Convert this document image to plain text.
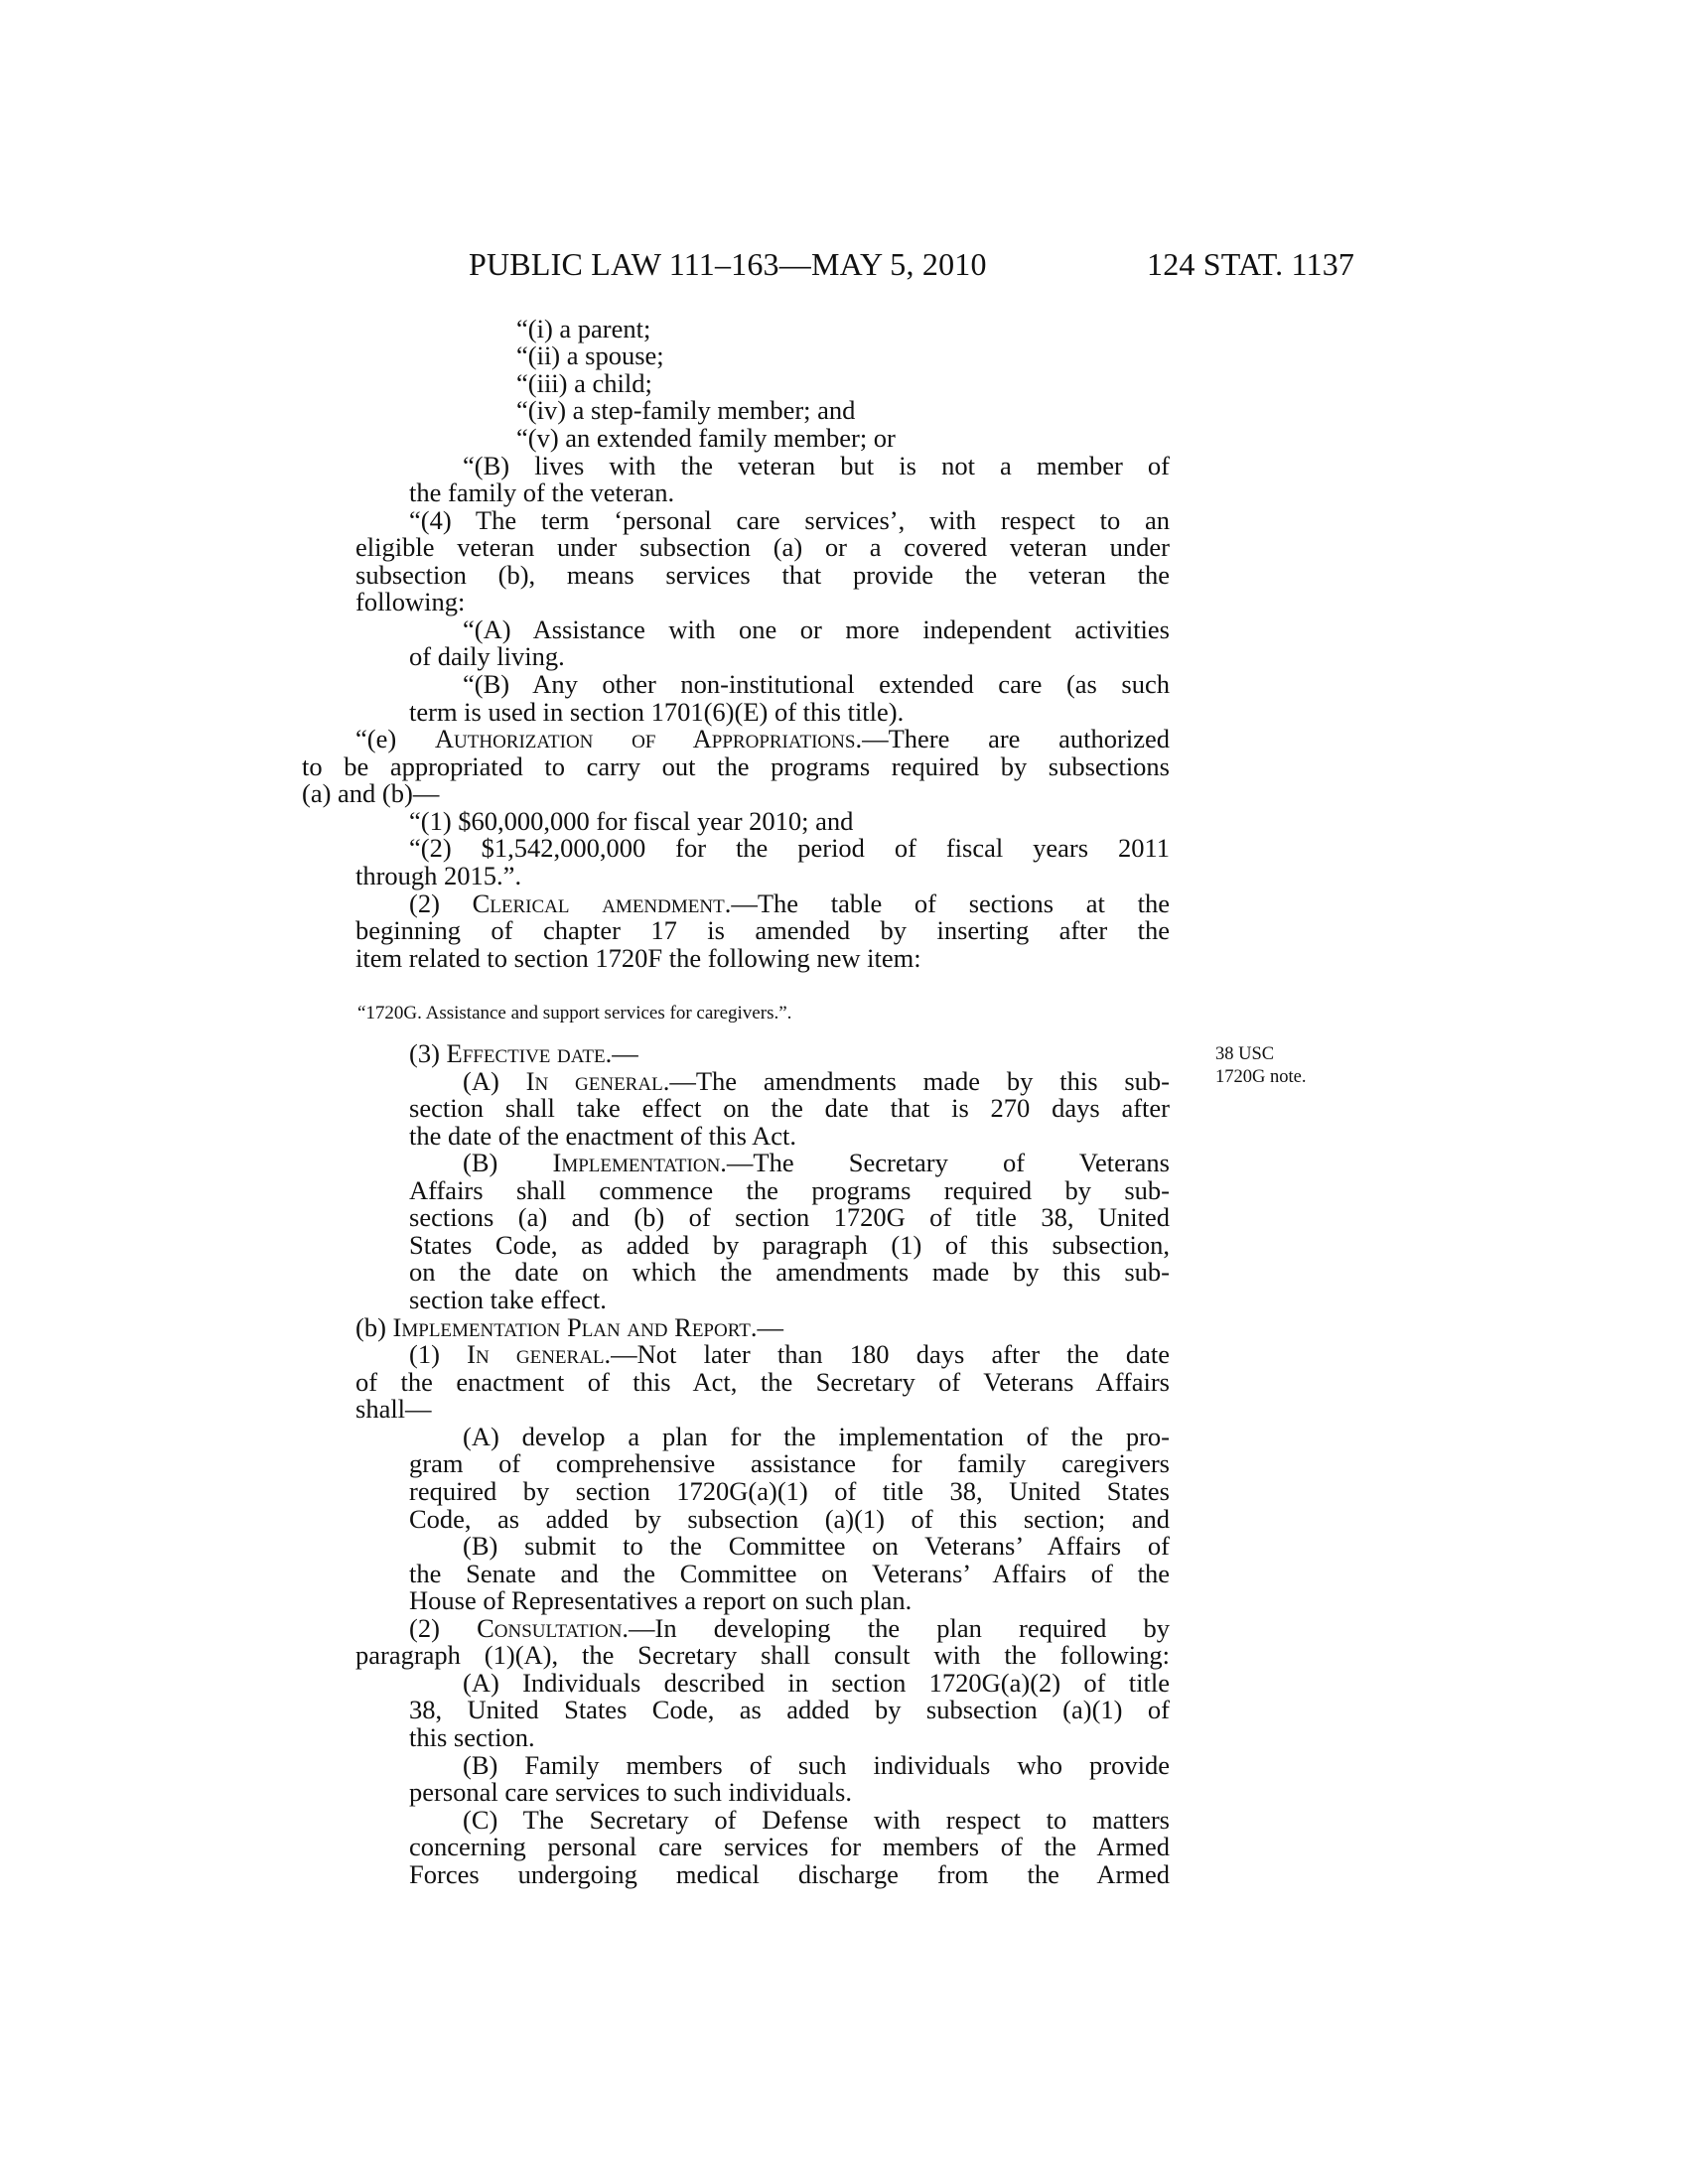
PUBLIC LAW 111–163—MAY 5, 2010	124 STAT. 1137
“(i) a parent;
“(ii) a spouse;
“(iii) a child;
“(iv) a step-family member; and
“(v) an extended family member; or
“(B) lives with the veteran but is not a member of
the family of the veteran.
“(4) The term ‘personal care services’, with respect to an
eligible veteran under subsection (a) or a covered veteran under
subsection (b), means services that provide the veteran the
following:
“(A) Assistance with one or more independent activities
of daily living.
“(B) Any other non-institutional extended care (as such
term is used in section 1701(6)(E) of this title).
“(e) Authorization of Appropriations.—There are authorized
to be appropriated to carry out the programs required by subsections
(a) and (b)—
“(1) $60,000,000 for fiscal year 2010; and
“(2) $1,542,000,000 for the period of fiscal years 2011
through 2015.”.
(2) Clerical amendment.—The table of sections at the
beginning of chapter 17 is amended by inserting after the
item related to section 1720F the following new item:
“1720G. Assistance and support services for caregivers.”.
(3) Effective date.—
(A) In general.—The amendments made by this sub-
section shall take effect on the date that is 270 days after
the date of the enactment of this Act.
(B) Implementation.—The Secretary of Veterans
Affairs shall commence the programs required by sub-
sections (a) and (b) of section 1720G of title 38, United
States Code, as added by paragraph (1) of this subsection,
on the date on which the amendments made by this sub-
section take effect.
(b) Implementation Plan and Report.—
(1) In general.—Not later than 180 days after the date
of the enactment of this Act, the Secretary of Veterans Affairs
shall—
(A) develop a plan for the implementation of the pro-
gram of comprehensive assistance for family caregivers
required by section 1720G(a)(1) of title 38, United States
Code, as added by subsection (a)(1) of this section; and
(B) submit to the Committee on Veterans’ Affairs of
the Senate and the Committee on Veterans’ Affairs of the
House of Representatives a report on such plan.
(2) Consultation.—In developing the plan required by
paragraph (1)(A), the Secretary shall consult with the following:
(A) Individuals described in section 1720G(a)(2) of title
38, United States Code, as added by subsection (a)(1) of
this section.
(B) Family members of such individuals who provide
personal care services to such individuals.
(C) The Secretary of Defense with respect to matters
concerning personal care services for members of the Armed
Forces undergoing medical discharge from the Armed
38 USC
1720G note.
